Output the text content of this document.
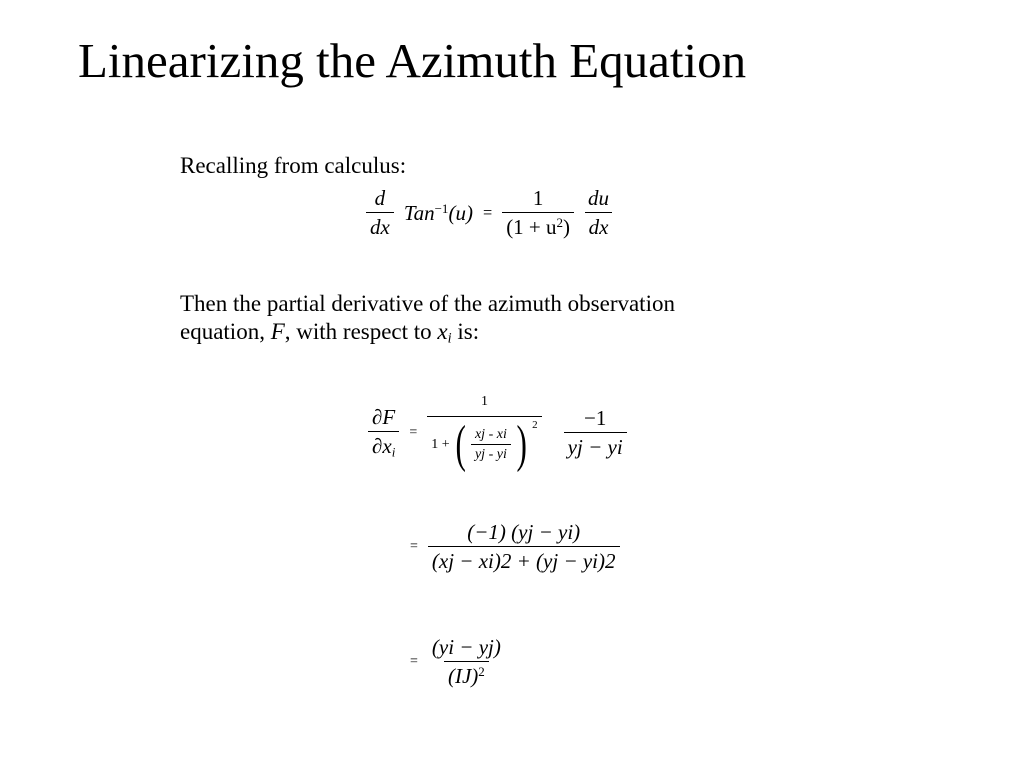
Linearizing the Azimuth Equation
Recalling from calculus:
$\frac{d}{dx} Tan^{-1}(u) = \frac{1}{(1 + u^2)} \frac{du}{dx}$
Then the partial derivative of the azimuth observation
equation, F, with respect to $x_i$ is:
$\frac{\partial F}{\partial x_i}$ =
1
1 + ( $\frac{xj - xi}{yj - yi}$ ) $2 \frac{-1}{yj - yi}$
= $\frac{(-1) (yj - yi)}{(xj - xi)2 + (yj - yi)2}$
= $\frac{(yi - yj)}{(IJ)^2}$
